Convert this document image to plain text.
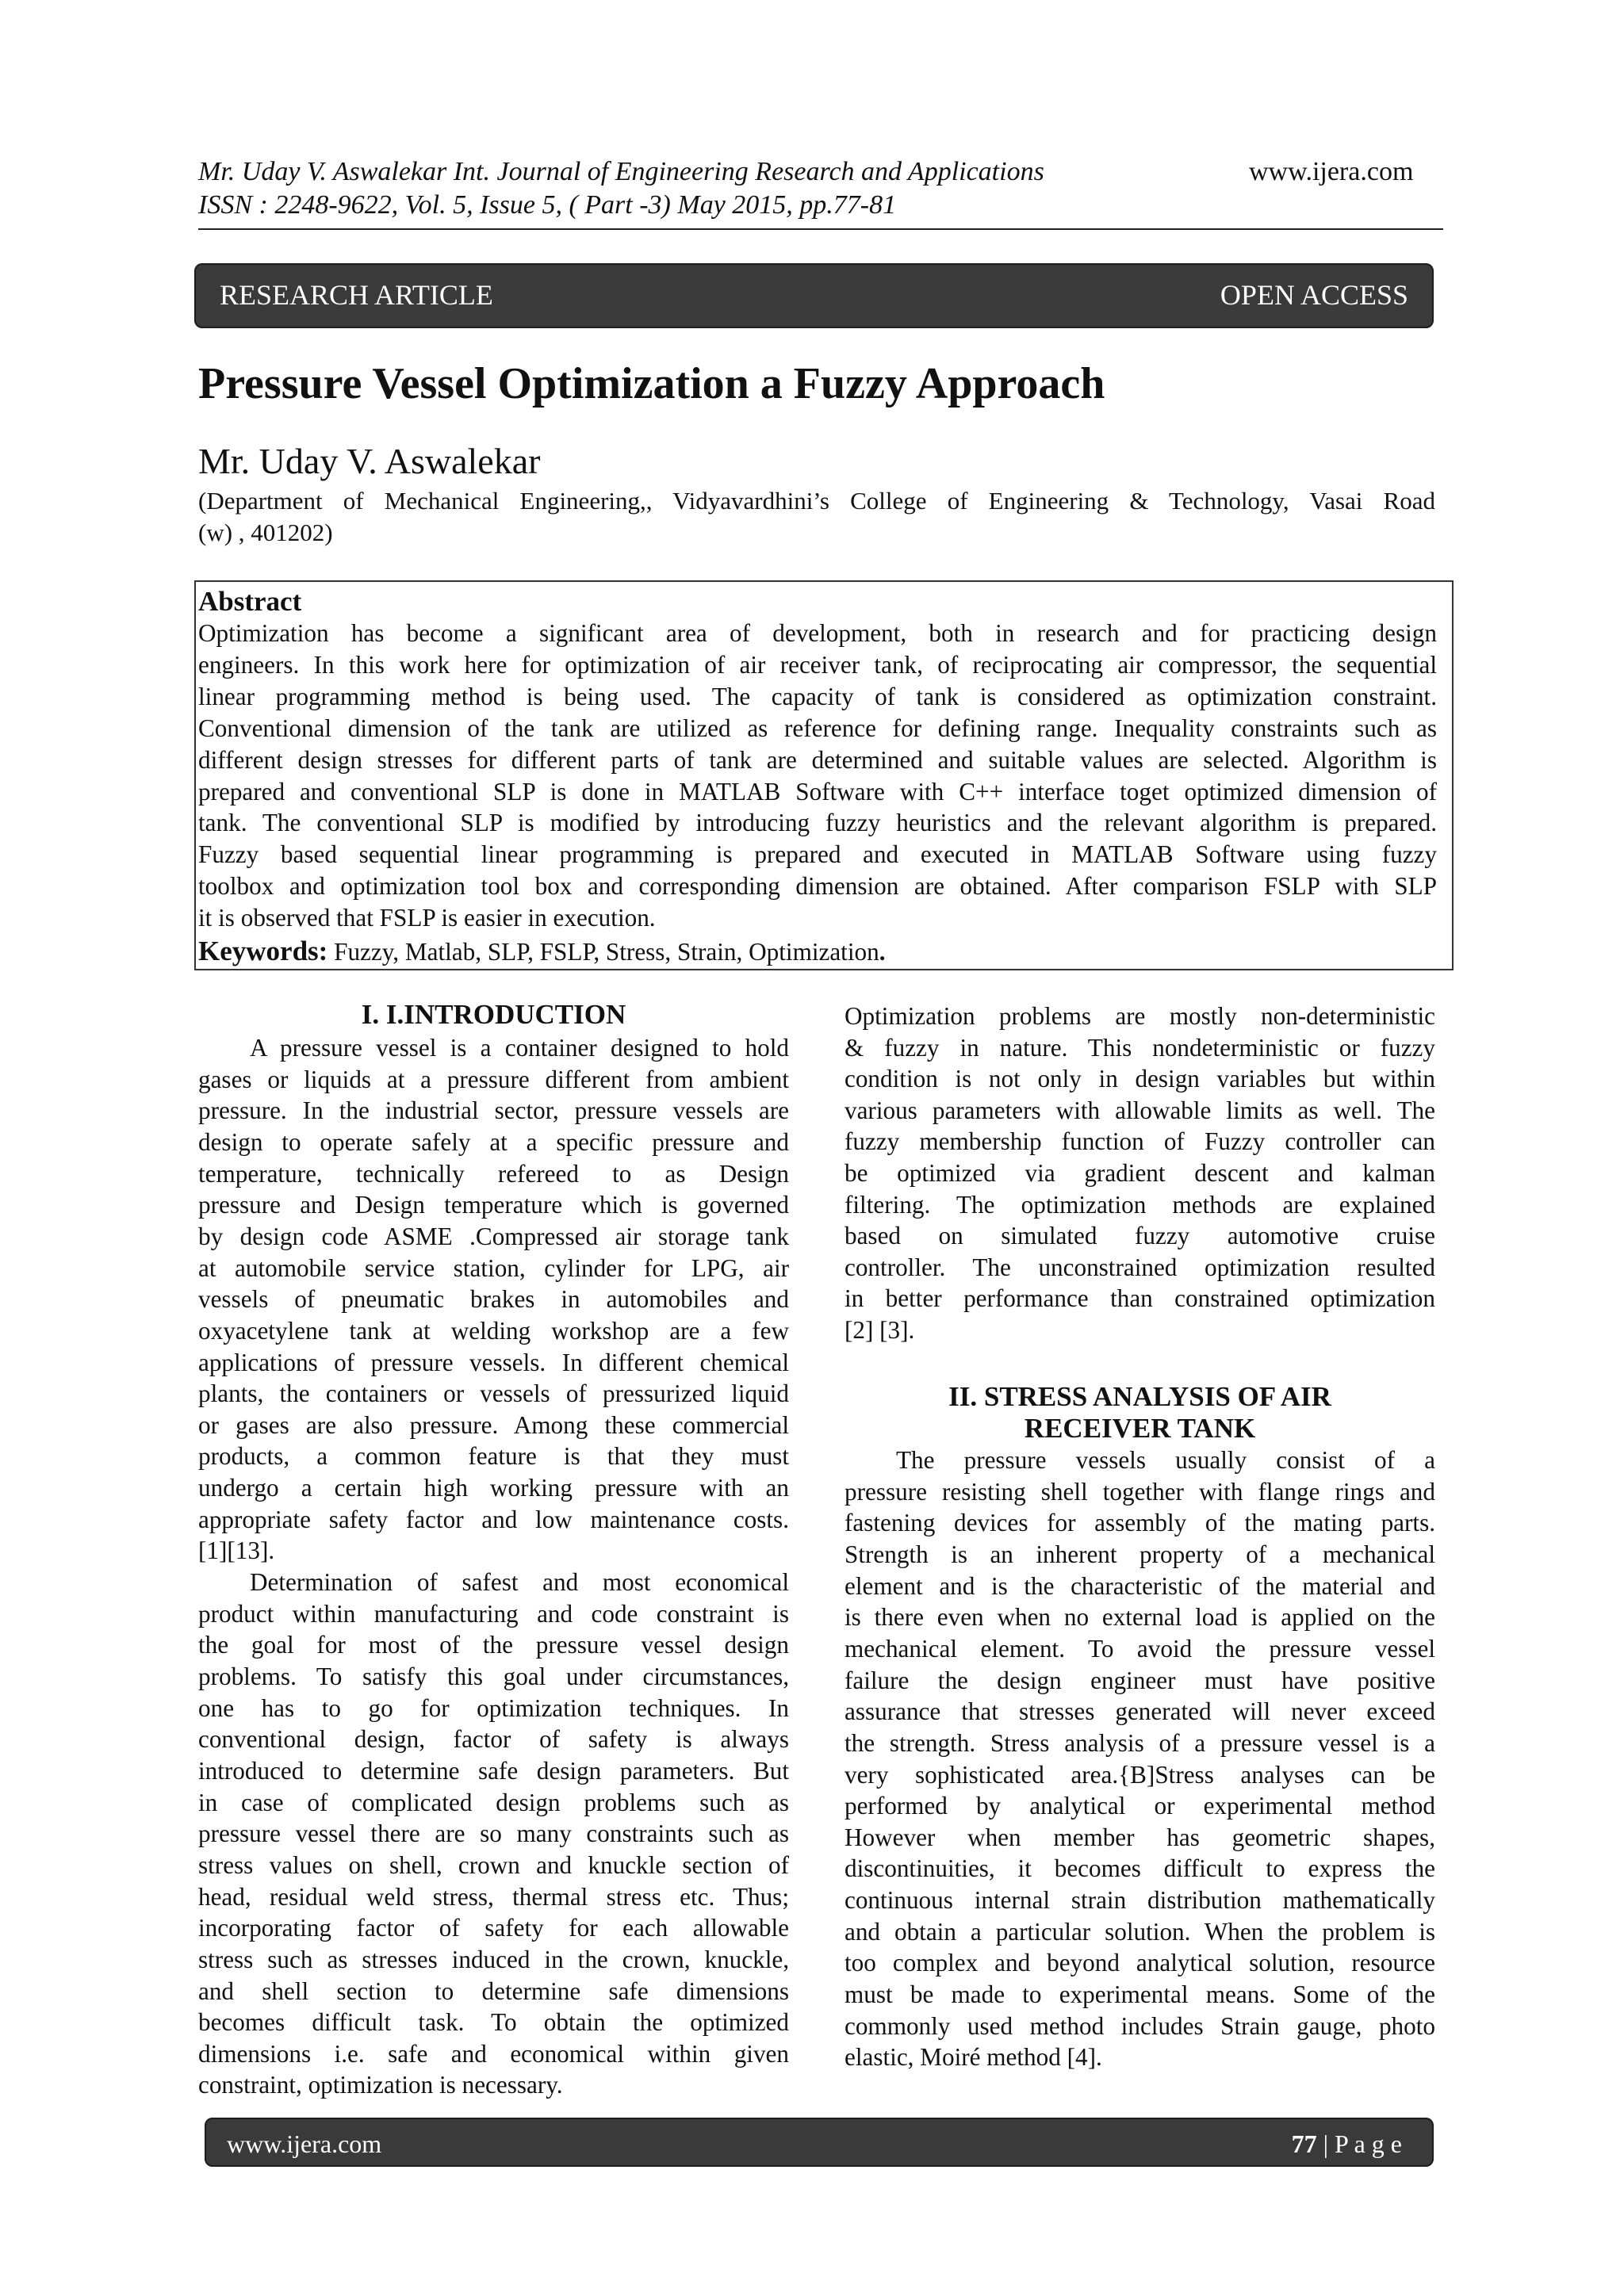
Mr. Uday V. Aswalekar Int. Journal of Engineering Research and Applications	www.ijera.com
ISSN : 2248-9622, Vol. 5, Issue 5, ( Part -3) May 2015, pp.77-81
RESEARCH ARTICLE	OPEN ACCESS
Pressure Vessel Optimization a Fuzzy Approach
Mr. Uday V. Aswalekar
(Department of Mechanical Engineering,, Vidyavardhini’s College of Engineering & Technology, Vasai Road
(w) , 401202)
Abstract
Optimization has become a significant area of development, both in research and for practicing design
engineers. In this work here for optimization of air receiver tank, of reciprocating air compressor, the sequential
linear programming method is being used. The capacity of tank is considered as optimization constraint.
Conventional dimension of the tank are utilized as reference for defining range. Inequality constraints such as
different design stresses for different parts of tank are determined and suitable values are selected. Algorithm is
prepared and conventional SLP is done in MATLAB Software with C++ interface toget optimized dimension of
tank. The conventional SLP is modified by introducing fuzzy heuristics and the relevant algorithm is prepared.
Fuzzy based sequential linear programming is prepared and executed in MATLAB Software using fuzzy
toolbox and optimization tool box and corresponding dimension are obtained. After comparison FSLP with SLP
it is observed that FSLP is easier in execution.
Keywords: Fuzzy, Matlab, SLP, FSLP, Stress, Strain, Optimization.
I. I.INTRODUCTION
A pressure vessel is a container designed to hold
gases or liquids at a pressure different from ambient
pressure. In the industrial sector, pressure vessels are
design to operate safely at a specific pressure and
temperature, technically refereed to as Design
pressure and Design temperature which is governed
by design code ASME .Compressed air storage tank
at automobile service station, cylinder for LPG, air
vessels of pneumatic brakes in automobiles and
oxyacetylene tank at welding workshop are a few
applications of pressure vessels. In different chemical
plants, the containers or vessels of pressurized liquid
or gases are also pressure. Among these commercial
products, a common feature is that they must
undergo a certain high working pressure with an
appropriate safety factor and low maintenance costs.
[1][13].
Determination of safest and most economical
product within manufacturing and code constraint is
the goal for most of the pressure vessel design
problems. To satisfy this goal under circumstances,
one has to go for optimization techniques. In
conventional design, factor of safety is always
introduced to determine safe design parameters. But
in case of complicated design problems such as
pressure vessel there are so many constraints such as
stress values on shell, crown and knuckle section of
head, residual weld stress, thermal stress etc. Thus;
incorporating factor of safety for each allowable
stress such as stresses induced in the crown, knuckle,
and shell section to determine safe dimensions
becomes difficult task. To obtain the optimized
dimensions i.e. safe and economical within given
constraint, optimization is necessary.
Optimization problems are mostly non-deterministic
& fuzzy in nature. This nondeterministic or fuzzy
condition is not only in design variables but within
various parameters with allowable limits as well. The
fuzzy membership function of Fuzzy controller can
be optimized via gradient descent and kalman
filtering. The optimization methods are explained
based on simulated fuzzy automotive cruise
controller. The unconstrained optimization resulted
in better performance than constrained optimization
[2] [3].
II. STRESS ANALYSIS OF AIR
RECEIVER TANK
The pressure vessels usually consist of a
pressure resisting shell together with flange rings and
fastening devices for assembly of the mating parts.
Strength is an inherent property of a mechanical
element and is the characteristic of the material and
is there even when no external load is applied on the
mechanical element. To avoid the pressure vessel
failure the design engineer must have positive
assurance that stresses generated will never exceed
the strength. Stress analysis of a pressure vessel is a
very sophisticated area.{B]Stress analyses can be
performed by analytical or experimental method
However when member has geometric shapes,
discontinuities, it becomes difficult to express the
continuous internal strain distribution mathematically
and obtain a particular solution. When the problem is
too complex and beyond analytical solution, resource
must be made to experimental means. Some of the
commonly used method includes Strain gauge, photo
elastic, Moiré method [4].
www.ijera.com	77 | P a g e
